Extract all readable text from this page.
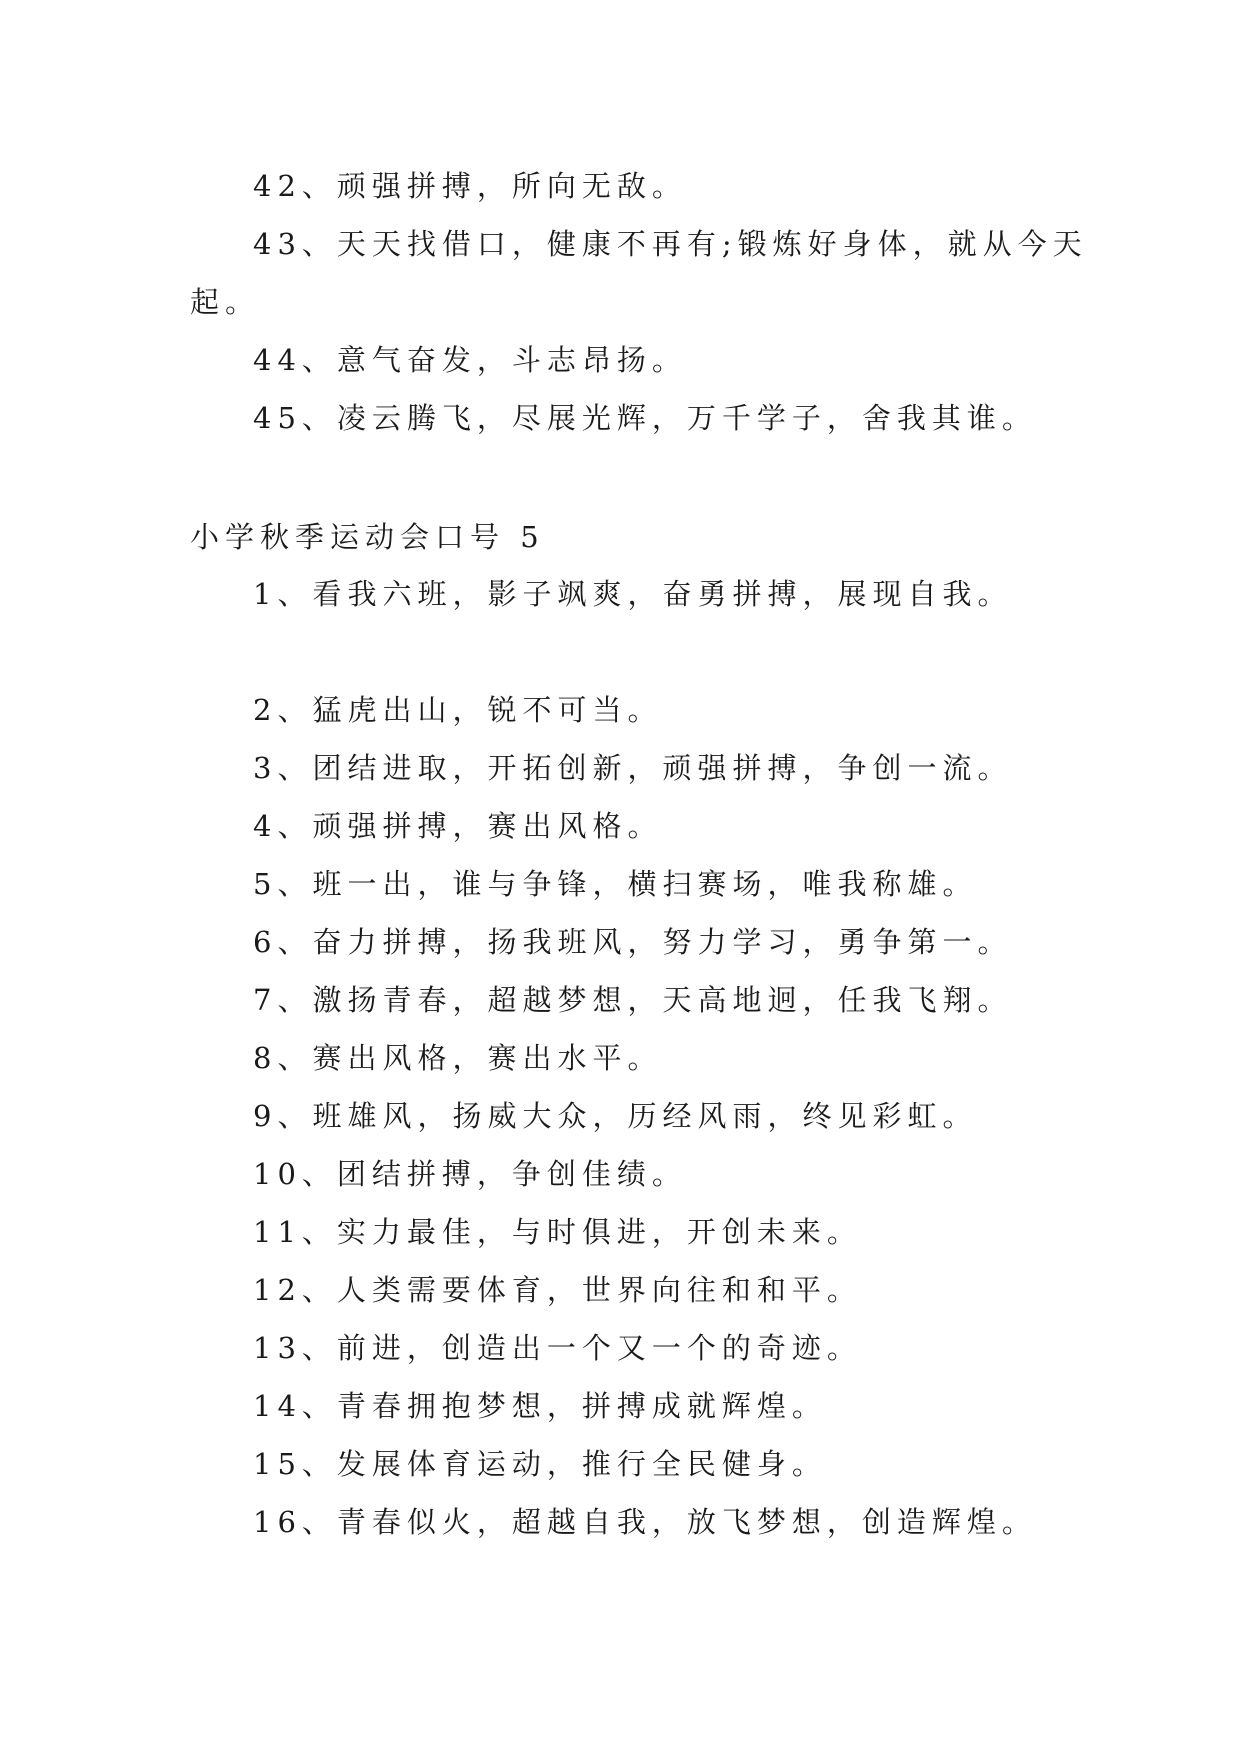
42、顽强拼搏，所向无敌。
43、天天找借口，健康不再有;锻炼好身体，就从今天
起。
44、意气奋发，斗志昂扬。
45、凌云腾飞，尽展光辉，万千学子，舍我其谁。
小学秋季运动会口号 5
1、看我六班，影子飒爽，奋勇拼搏，展现自我。
2、猛虎出山，锐不可当。
3、团结进取，开拓创新，顽强拼搏，争创一流。
4、顽强拼搏，赛出风格。
5、班一出，谁与争锋，横扫赛场，唯我称雄。
6、奋力拼搏，扬我班风，努力学习，勇争第一。
7、激扬青春，超越梦想，天高地迥，任我飞翔。
8、赛出风格，赛出水平。
9、班雄风，扬威大众，历经风雨，终见彩虹。
10、团结拼搏，争创佳绩。
11、实力最佳，与时俱进，开创未来。
12、人类需要体育，世界向往和和平。
13、前进，创造出一个又一个的奇迹。
14、青春拥抱梦想，拼搏成就辉煌。
15、发展体育运动，推行全民健身。
16、青春似火，超越自我，放飞梦想，创造辉煌。
